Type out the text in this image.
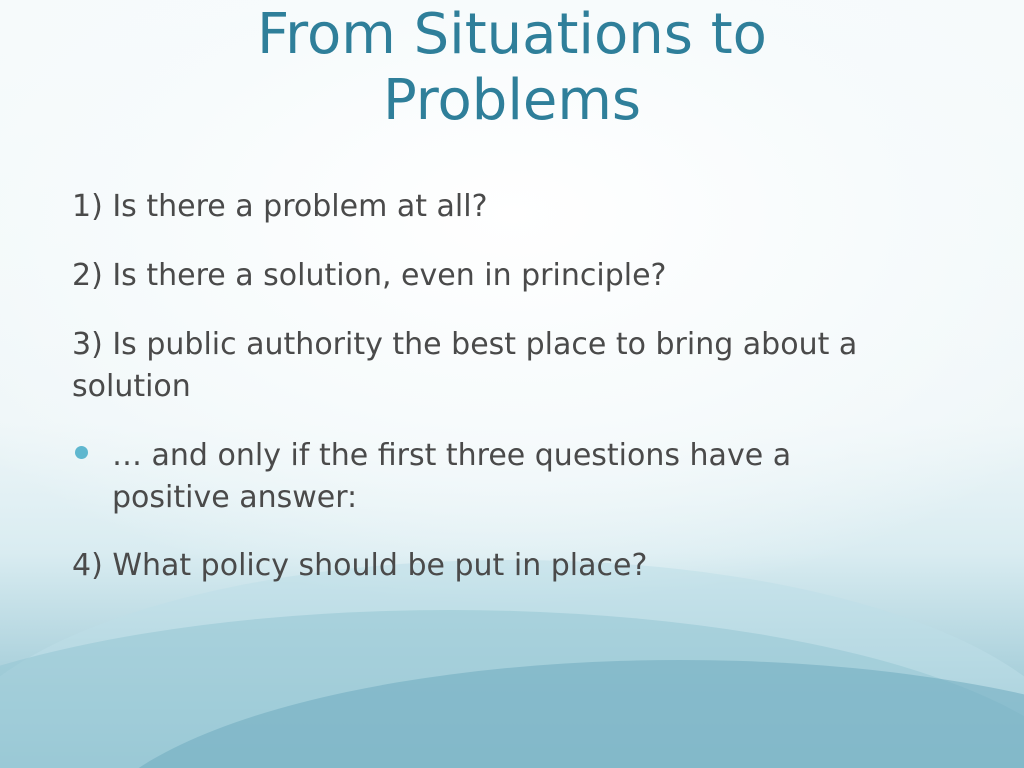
From Situations to
Problems
1) Is there a problem at all?
2) Is there a solution, even in principle?
3) Is public authority the best place to bring about a
solution
… and only if the first three questions have a
positive answer:
4) What policy should be put in place?
